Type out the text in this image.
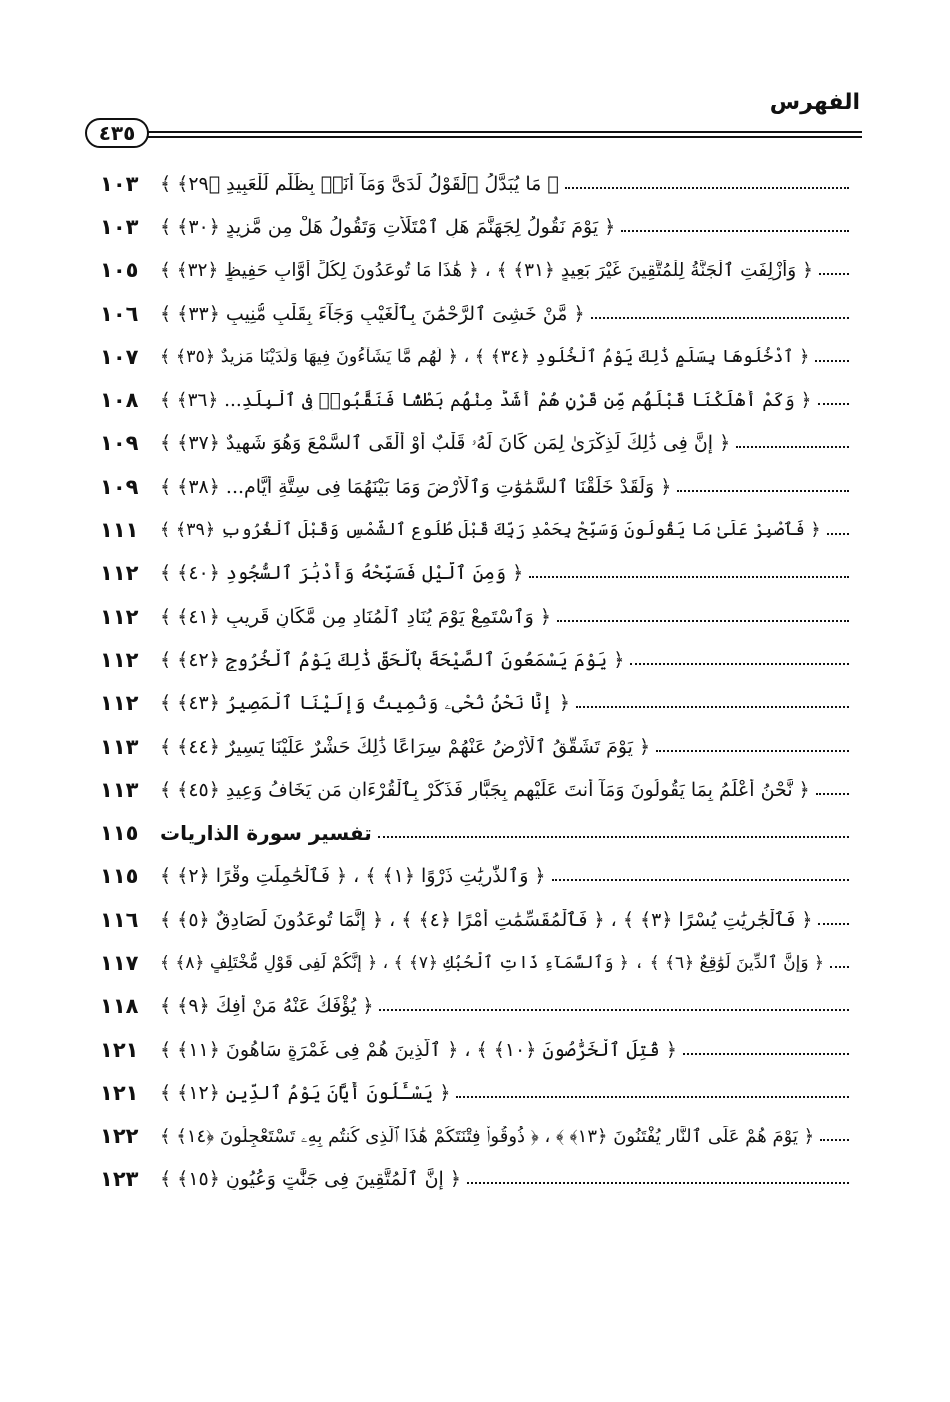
الفهرس
٤٣٥
﴿ مَا يُبَدَّلُ ٱلْقَوْلُ لَدَىَّ وَمَآ أَنَا۠ بِظَلَّٰمٍ لِّلْعَبِيدِ ﴿٢٩﴾ ﴾
١٠٣
﴿ يَوْمَ نَقُولُ لِجَهَنَّمَ هَلِ ٱمْتَلَأْتِ وَتَقُولُ هَلْ مِن مَّزِيدٍ ﴿٣٠﴾ ﴾
١٠٣
﴿ وَأُزْلِفَتِ ٱلْجَنَّةُ لِلْمُتَّقِينَ غَيْرَ بَعِيدٍ ﴿٣١﴾ ﴾ ، ﴿ هَٰذَا مَا تُوعَدُونَ لِكُلِّ أَوَّابٍ حَفِيظٍ ﴿٣٢﴾ ﴾
١٠٥
﴿ مَّنْ خَشِىَ ٱلرَّحْمَٰنَ بِٱلْغَيْبِ وَجَآءَ بِقَلْبٍ مُّنِيبٍ ﴿٣٣﴾ ﴾
١٠٦
﴿ ٱدْخُلُوهَا بِسَلَٰمٍ ذَٰلِكَ يَوْمُ ٱلْخُلُودِ ﴿٣٤﴾ ﴾ ، ﴿ لَهُم مَّا يَشَآءُونَ فِيهَا وَلَدَيْنَا مَزِيدٌ ﴿٣٥﴾ ﴾
١٠٧
﴿ وَكَمْ أَهْلَكْنَا قَبْلَهُم مِّن قَرْنٍ هُمْ أَشَدُّ مِنْهُم بَطْشًا فَنَقَّبُوا۟ فِى ٱلْبِلَٰدِ... ﴿٣٦﴾ ﴾
١٠٨
﴿ إِنَّ فِى ذَٰلِكَ لَذِكْرَىٰ لِمَن كَانَ لَهُۥ قَلْبٌ أَوْ أَلْقَى ٱلسَّمْعَ وَهُوَ شَهِيدٌ ﴿٣٧﴾ ﴾
١٠٩
﴿ وَلَقَدْ خَلَقْنَا ٱلسَّمَٰوَٰتِ وَٱلْأَرْضَ وَمَا بَيْنَهُمَا فِى سِتَّةِ أَيَّامٍ... ﴿٣٨﴾ ﴾
١٠٩
﴿ فَٱصْبِرْ عَلَىٰ مَا يَقُولُونَ وَسَبِّحْ بِحَمْدِ رَبِّكَ قَبْلَ طُلُوعِ ٱلشَّمْسِ وَقَبْلَ ٱلْغُرُوبِ ﴿٣٩﴾ ﴾
١١١
﴿ وَمِنَ ٱلَّيْلِ فَسَبِّحْهُ وَأَدْبَٰرَ ٱلسُّجُودِ ﴿٤٠﴾ ﴾
١١٢
﴿ وَٱسْتَمِعْ يَوْمَ يُنَادِ ٱلْمُنَادِ مِن مَّكَانٍ قَرِيبٍ ﴿٤١﴾ ﴾
١١٢
﴿ يَوْمَ يَسْمَعُونَ ٱلصَّيْحَةَ بِٱلْحَقِّ ذَٰلِكَ يَوْمُ ٱلْخُرُوجِ ﴿٤٢﴾ ﴾
١١٢
﴿ إِنَّا نَحْنُ نُحْىِۦ وَنُمِيتُ وَإِلَيْنَا ٱلْمَصِيرُ ﴿٤٣﴾ ﴾
١١٢
﴿ يَوْمَ تَشَقَّقُ ٱلْأَرْضُ عَنْهُمْ سِرَاعًا ذَٰلِكَ حَشْرٌ عَلَيْنَا يَسِيرٌ ﴿٤٤﴾ ﴾
١١٣
﴿ نَّحْنُ أَعْلَمُ بِمَا يَقُولُونَ وَمَآ أَنتَ عَلَيْهِم بِجَبَّارٍ فَذَكِّرْ بِٱلْقُرْءَانِ مَن يَخَافُ وَعِيدِ ﴿٤٥﴾ ﴾
١١٣
تفسير سورة الذاريات
١١٥
﴿ وَٱلذَّٰرِيَٰتِ ذَرْوًا ﴿١﴾ ﴾ ، ﴿ فَٱلْحَٰمِلَٰتِ وِقْرًا ﴿٢﴾ ﴾
١١٥
﴿ فَٱلْجَٰرِيَٰتِ يُسْرًا ﴿٣﴾ ﴾ ، ﴿ فَٱلْمُقَسِّمَٰتِ أَمْرًا ﴿٤﴾ ﴾ ، ﴿ إِنَّمَا تُوعَدُونَ لَصَادِقٌ ﴿٥﴾ ﴾
١١٦
﴿ وَإِنَّ ٱلدِّينَ لَوَٰقِعٌ ﴿٦﴾ ﴾ ، ﴿ وَٱلسَّمَآءِ ذَاتِ ٱلْحُبُكِ ﴿٧﴾ ﴾ ، ﴿ إِنَّكُمْ لَفِى قَوْلٍ مُّخْتَلِفٍ ﴿٨﴾ ﴾
١١٧
﴿ يُؤْفَكُ عَنْهُ مَنْ أُفِكَ ﴿٩﴾ ﴾
١١٨
﴿ قُتِلَ ٱلْخَرَّٰصُونَ ﴿١٠﴾ ﴾ ، ﴿ ٱلَّذِينَ هُمْ فِى غَمْرَةٍ سَاهُونَ ﴿١١﴾ ﴾
١٢١
﴿ يَسْـَٔلُونَ أَيَّانَ يَوْمُ ٱلدِّينِ ﴿١٢﴾ ﴾
١٢١
﴿ يَوْمَ هُمْ عَلَى ٱلنَّارِ يُفْتَنُونَ ﴿١٣﴾ ﴾ ، ﴿ ذُوقُوا۟ فِتْنَتَكُمْ هَٰذَا ٱلَّذِى كُنتُم بِهِۦ تَسْتَعْجِلُونَ ﴿١٤﴾ ﴾
١٢٢
﴿ إِنَّ ٱلْمُتَّقِينَ فِى جَنَّٰتٍ وَعُيُونٍ ﴿١٥﴾ ﴾
١٢٣
